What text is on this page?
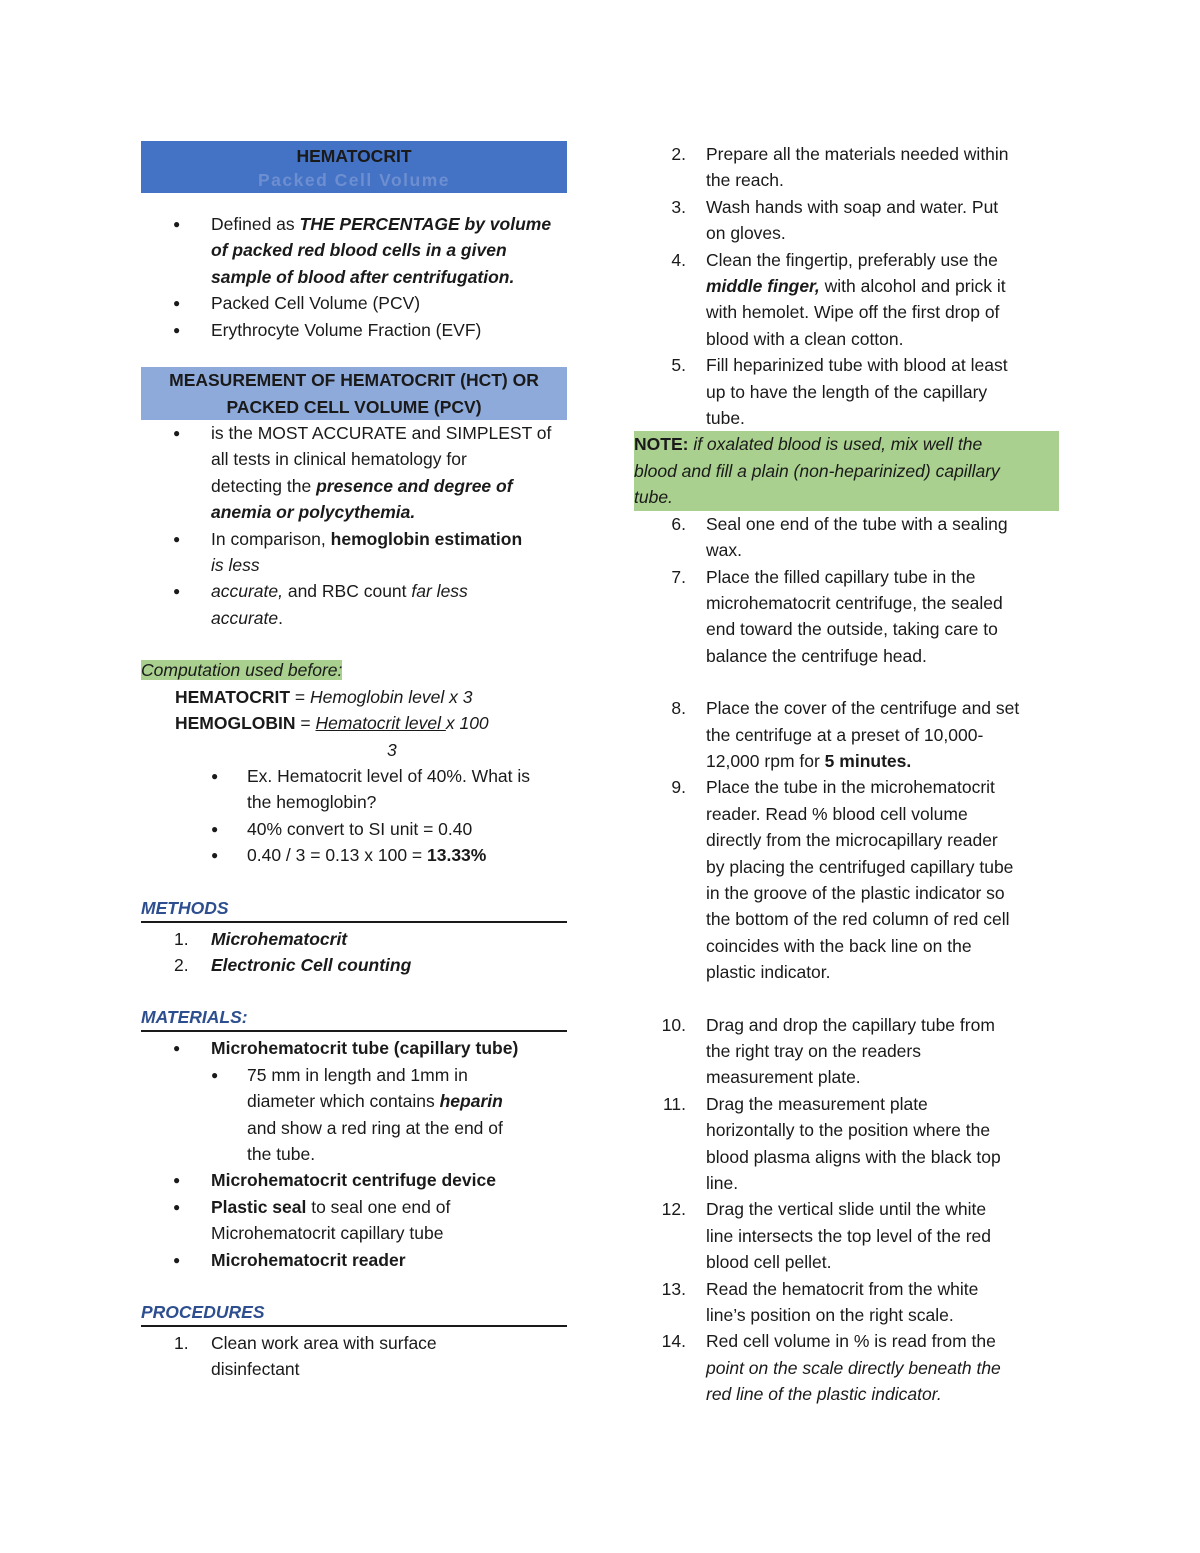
HEMATOCRIT
Packed Cell Volume
● Defined as THE PERCENTAGE by volume
of packed red blood cells in a given
sample of blood after centrifugation.
● Packed Cell Volume (PCV)
● Erythrocyte Volume Fraction (EVF)
MEASUREMENT OF HEMATOCRIT (HCT) OR
PACKED CELL VOLUME (PCV)
● is the MOST ACCURATE and SIMPLEST of
all tests in clinical hematology for
detecting the presence and degree of
anemia or polycythemia.
● In comparison, hemoglobin estimation
is less
● accurate, and RBC count far less
accurate.
Computation used before:
HEMATOCRIT = Hemoglobin level x 3
HEMOGLOBIN = Hematocrit level x 100
3
● Ex. Hematocrit level of 40%. What is
the hemoglobin?
● 40% convert to SI unit = 0.40
● 0.40 / 3 = 0.13 x 100 = 13.33%
METHODS
1. Microhematocrit
2. Electronic Cell counting
MATERIALS:
● Microhematocrit tube (capillary tube)
● 75 mm in length and 1mm in
diameter which contains heparin
and show a red ring at the end of
the tube.
● Microhematocrit centrifuge device
● Plastic seal to seal one end of
Microhematocrit capillary tube
● Microhematocrit reader
PROCEDURES
1. Clean work area with surface
disinfectant
2. Prepare all the materials needed within
the reach.
3. Wash hands with soap and water. Put
on gloves.
4. Clean the fingertip, preferably use the
middle finger, with alcohol and prick it
with hemolet. Wipe off the first drop of
blood with a clean cotton.
5. Fill heparinized tube with blood at least
up to have the length of the capillary
tube.
NOTE: if oxalated blood is used, mix well the
blood and fill a plain (non-heparinized) capillary
tube.
6. Seal one end of the tube with a sealing
wax.
7. Place the filled capillary tube in the
microhematocrit centrifuge, the sealed
end toward the outside, taking care to
balance the centrifuge head.
8. Place the cover of the centrifuge and set
the centrifuge at a preset of 10,000-
12,000 rpm for 5 minutes.
9. Place the tube in the microhematocrit
reader. Read % blood cell volume
directly from the microcapillary reader
by placing the centrifuged capillary tube
in the groove of the plastic indicator so
the bottom of the red column of red cell
coincides with the back line on the
plastic indicator.
10. Drag and drop the capillary tube from
the right tray on the readers
measurement plate.
11. Drag the measurement plate
horizontally to the position where the
blood plasma aligns with the black top
line.
12. Drag the vertical slide until the white
line intersects the top level of the red
blood cell pellet.
13. Read the hematocrit from the white
line’s position on the right scale.
14. Red cell volume in % is read from the
point on the scale directly beneath the
red line of the plastic indicator.
